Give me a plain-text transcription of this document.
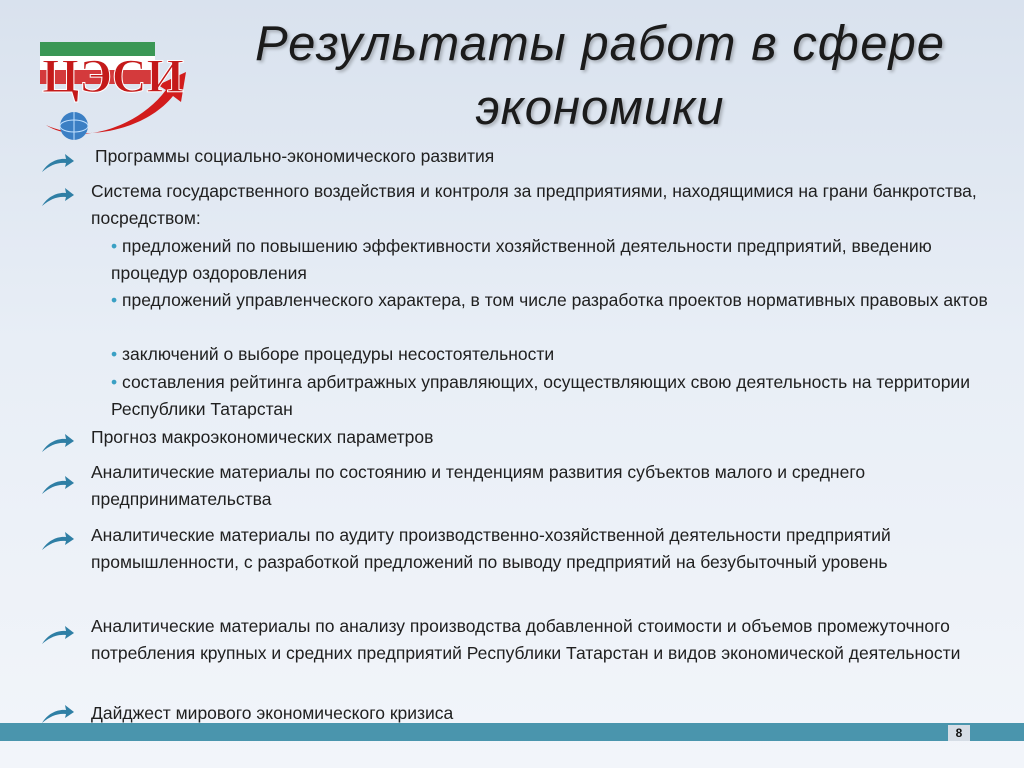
ЦЭСИ
Результаты работ в сфере
экономики

Программы социально-экономического развития

Система государственного воздействия и контроля за предприятиями, находящимися на грани банкротства, посредством:

• предложений по повышению эффективности хозяйственной деятельности предприятий, введению процедур оздоровления

• предложений управленческого характера, в том числе разработка проектов нормативных правовых актов

• заключений о выборе процедуры несостоятельности

• составления рейтинга арбитражных управляющих, осуществляющих свою деятельность на территории Республики Татарстан

Прогноз макроэкономических параметров

Аналитические материалы по состоянию и тенденциям развития субъектов малого и среднего предпринимательства

Аналитические материалы по аудиту производственно-хозяйственной деятельности предприятий промышленности, с разработкой предложений по выводу предприятий на безубыточный уровень

Аналитические материалы по анализу производства добавленной стоимости и объемов промежуточного потребления крупных и средних предприятий Республики Татарстан и видов экономической деятельности

Дайджест мирового экономического кризиса

8
